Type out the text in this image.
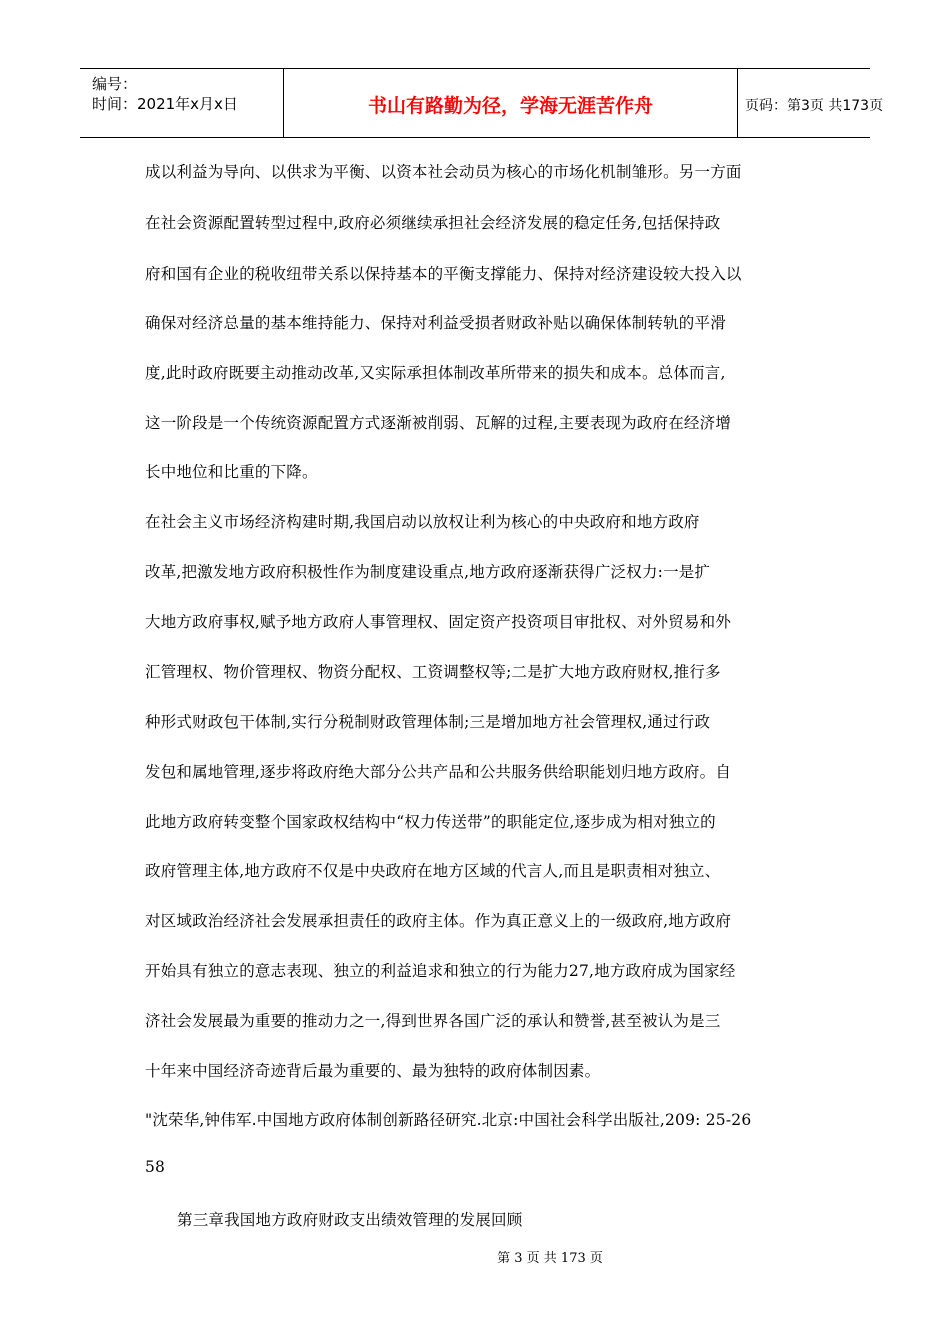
编号：
时间：2021年x月x日	书山有路勤为径，学海无涯苦作舟	页码：第3页 共173页
成以利益为导向、以供求为平衡、以资本社会动员为核心的市场化机制雏形。另一方面
在社会资源配置转型过程中,政府必须继续承担社会经济发展的稳定任务,包括保持政
府和国有企业的税收纽带关系以保持基本的平衡支撑能力、保持对经济建设较大投入以
确保对经济总量的基本维持能力、保持对利益受损者财政补贴以确保体制转轨的平滑
度,此时政府既要主动推动改革,又实际承担体制改革所带来的损失和成本。总体而言,
这一阶段是一个传统资源配置方式逐渐被削弱、瓦解的过程,主要表现为政府在经济增
长中地位和比重的下降。
在社会主义市场经济构建时期,我国启动以放权让利为核心的中央政府和地方政府
改革,把激发地方政府积极性作为制度建设重点,地方政府逐渐获得广泛权力:一是扩
大地方政府事权,赋予地方政府人事管理权、固定资产投资项目审批权、对外贸易和外
汇管理权、物价管理权、物资分配权、工资调整权等;二是扩大地方政府财权,推行多
种形式财政包干体制,实行分税制财政管理体制;三是增加地方社会管理权,通过行政
发包和属地管理,逐步将政府绝大部分公共产品和公共服务供给职能划归地方政府。自
此地方政府转变整个国家政权结构中“权力传送带”的职能定位,逐步成为相对独立的
政府管理主体,地方政府不仅是中央政府在地方区域的代言人,而且是职责相对独立、
对区域政治经济社会发展承担责任的政府主体。作为真正意义上的一级政府,地方政府
开始具有独立的意志表现、独立的利益追求和独立的行为能力27,地方政府成为国家经
济社会发展最为重要的推动力之一,得到世界各国广泛的承认和赞誉,甚至被认为是三
十年来中国经济奇迹背后最为重要的、最为独特的政府体制因素。
"沈荣华,钟伟军.中国地方政府体制创新路径研究.北京:中国社会科学出版社,209: 25-26
58
第三章我国地方政府财政支出绩效管理的发展回顾
第 3 页 共 173 页
